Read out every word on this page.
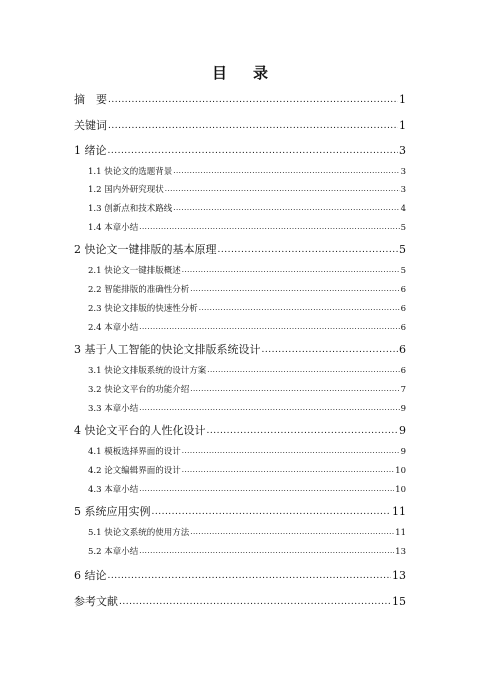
目 录
摘　要 .....	1
关键词 .....	1
1 绪论 .....	3
1.1 快论文的选题背景 .....	3
1.2 国内外研究现状 .....	3
1.3 创新点和技术路线 .....	4
1.4 本章小结 .....	5
2 快论文一键排版的基本原理 .....	5
2.1 快论文一键排版概述 .....	5
2.2 智能排版的准确性分析 .....	6
2.3 快论文排版的快速性分析 .....	6
2.4 本章小结 .....	6
3 基于人工智能的快论文排版系统设计 .....	6
3.1 快论文排版系统的设计方案 .....	6
3.2 快论文平台的功能介绍 .....	7
3.3 本章小结 .....	9
4 快论文平台的人性化设计 .....	9
4.1 模板选择界面的设计 .....	9
4.2 论文编辑界面的设计 .....	10
4.3 本章小结 .....	10
5 系统应用实例 .....	11
5.1 快论文系统的使用方法 .....	11
5.2 本章小结 .....	13
6 结论 .....	13
参考文献 .....	15
